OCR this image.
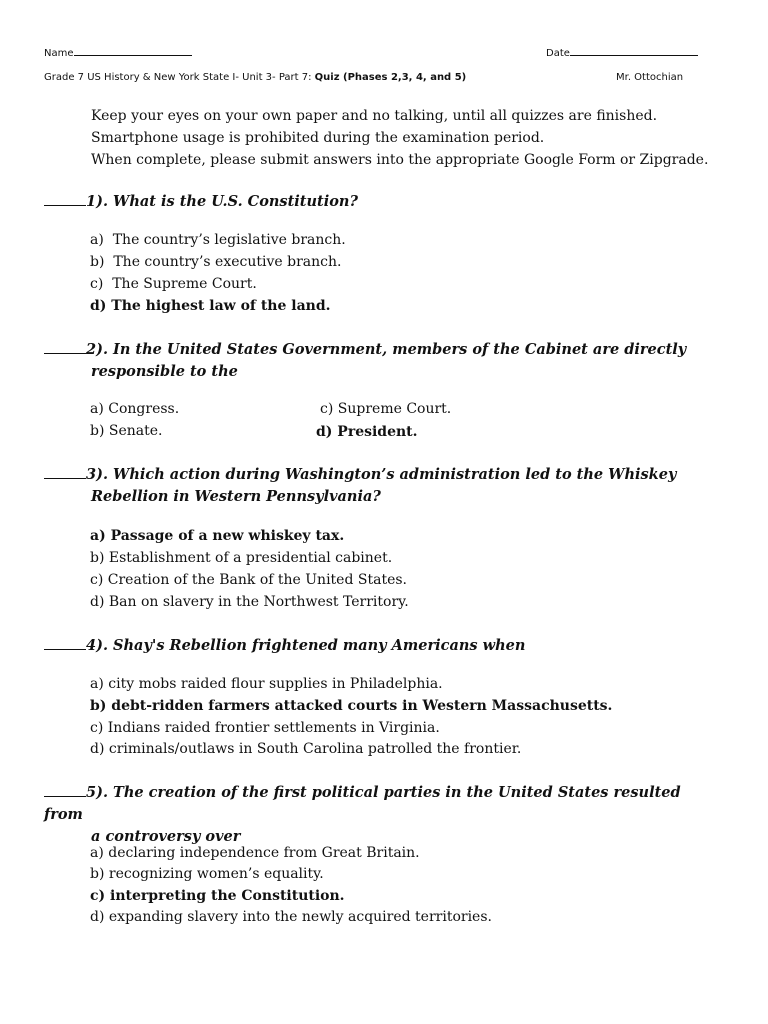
Name	Date
Grade 7 US History & New York State I- Unit 3- Part 7: Quiz (Phases 2,3, 4, and 5)	Mr. Ottochian
Keep your eyes on your own paper and no talking, until all quizzes are finished.
Smartphone usage is prohibited during the examination period.
When complete, please submit answers into the appropriate Google Form or Zipgrade.
1). What is the U.S. Constitution?
a) The country’s legislative branch.
b) The country’s executive branch.
c) The Supreme Court.
d) The highest law of the land.
2). In the United States Government, members of the Cabinet are directly
responsible to the
a) Congress.
b) Senate.
c) Supreme Court.
d) President.
3). Which action during Washington’s administration led to the Whiskey
Rebellion in Western Pennsylvania?
a) Passage of a new whiskey tax.
b) Establishment of a presidential cabinet.
c) Creation of the Bank of the United States.
d) Ban on slavery in the Northwest Territory.
4). Shay's Rebellion frightened many Americans when
a) city mobs raided flour supplies in Philadelphia.
b) debt-ridden farmers attacked courts in Western Massachusetts.
c) Indians raided frontier settlements in Virginia.
d) criminals/outlaws in South Carolina patrolled the frontier.
5). The creation of the first political parties in the United States resulted from
a controversy over
a) declaring independence from Great Britain.
b) recognizing women’s equality.
c) interpreting the Constitution.
d) expanding slavery into the newly acquired territories.
